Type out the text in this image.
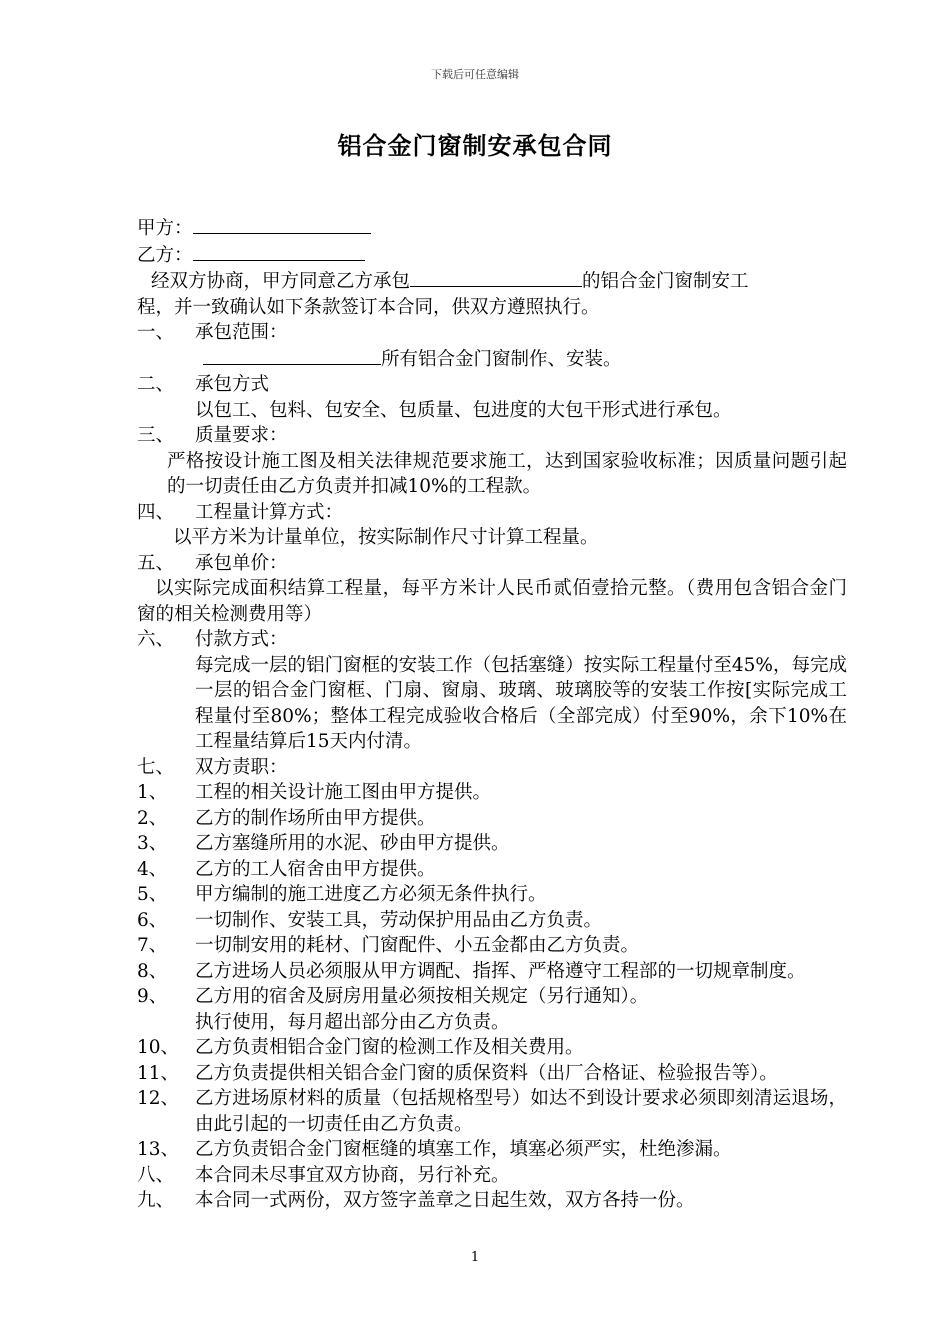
下载后可任意编辑
铝合金门窗制安承包合同
甲方：
乙方：
经双方协商，甲方同意乙方承包	的铝合金门窗制安工
程，并一致确认如下条款签订本合同，供双方遵照执行。
一、	承包范围：
所有铝合金门窗制作、安装。
二、	承包方式
以包工、包料、包安全、包质量、包进度的大包干形式进行承包。
三、	质量要求：
严格按设计施工图及相关法律规范要求施工，达到国家验收标准；因质量问题引起的一切责任由乙方负责并扣减10%的工程款。
四、	工程量计算方式：
以平方米为计量单位，按实际制作尺寸计算工程量。
五、	承包单价：
以实际完成面积结算工程量，每平方米计人民币贰佰壹拾元整。（费用包含铝合金门窗的相关检测费用等）
六、	付款方式：
每完成一层的铝门窗框的安装工作（包括塞缝）按实际工程量付至45%，每完成一层的铝合金门窗框、门扇、窗扇、玻璃、玻璃胶等的安装工作按[实际完成工程量付至80%；整体工程完成验收合格后（全部完成）付至90%，余下10%在工程量结算后15天内付清。
七、	双方责职：
1、	工程的相关设计施工图由甲方提供。
2、	乙方的制作场所由甲方提供。
3、	乙方塞缝所用的水泥、砂由甲方提供。
4、	乙方的工人宿舍由甲方提供。
5、	甲方编制的施工进度乙方必须无条件执行。
6、	一切制作、安装工具，劳动保护用品由乙方负责。
7、	一切制安用的耗材、门窗配件、小五金都由乙方负责。
8、	乙方进场人员必须服从甲方调配、指挥、严格遵守工程部的一切规章制度。
9、	乙方用的宿舍及厨房用量必须按相关规定（另行通知）。
执行使用，每月超出部分由乙方负责。
10、 乙方负责相铝合金门窗的检测工作及相关费用。
11、 乙方负责提供相关铝合金门窗的质保资料（出厂合格证、检验报告等）。
12、 乙方进场原材料的质量（包括规格型号）如达不到设计要求必须即刻清运退场，由此引起的一切责任由乙方负责。
13、 乙方负责铝合金门窗框缝的填塞工作，填塞必须严实，杜绝渗漏。
八、	本合同未尽事宜双方协商，另行补充。
九、	本合同一式两份，双方签字盖章之日起生效，双方各持一份。
1
